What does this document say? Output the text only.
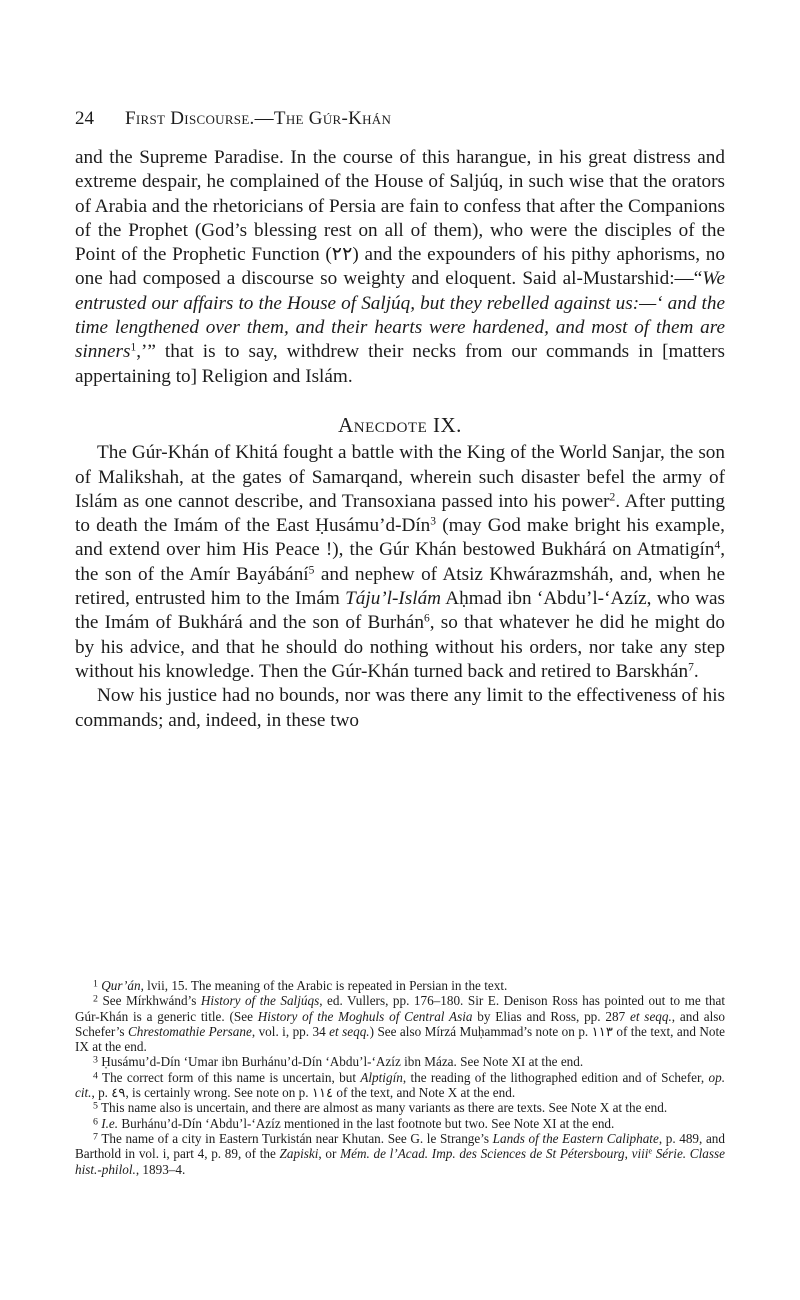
24 First Discourse.—The Gúr-Khán

and the Supreme Paradise. In the course of this harangue, in his great distress and extreme despair, he complained of the House of Saljúq, in such wise that the orators of Arabia and the rhetoricians of Persia are fain to confess that after the Companions of the Prophet (God’s blessing rest on all of them), who were the disciples of the Point of the Prophetic Function (٢٢) and the expounders of his pithy aphorisms, no one had composed a discourse so weighty and eloquent. Said al-Mustarshid:—“We entrusted our affairs to the House of Saljúq, but they rebelled against us:—‘ and the time lengthened over them, and their hearts were hardened, and most of them are sinners$^1$,’” that is to say, withdrew their necks from our commands in [matters appertaining to] Religion and Islám.

Anecdote IX.

The Gúr-Khán of Khitá fought a battle with the King of the World Sanjar, the son of Malikshah, at the gates of Samarqand, wherein such disaster befel the army of Islám as one cannot describe, and Transoxiana passed into his power$^2$. After putting to death the Imám of the East Ḥusámu’d-Dín$^3$ (may God make bright his example, and extend over him His Peace !), the Gúr Khán bestowed Bukhárá on Atmatigín$^4$, the son of the Amír Bayábání$^5$ and nephew of Atsiz Khwárazmsháh, and, when he retired, entrusted him to the Imám Táju’l-Islám Aḥmad ibn ‘Abdu’l-‘Azíz, who was the Imám of Bukhárá and the son of Burhán$^6$, so that whatever he did he might do by his advice, and that he should do nothing without his orders, nor take any step without his knowledge. Then the Gúr-Khán turned back and retired to Barskhán$^7$.

Now his justice had no bounds, nor was there any limit to the effectiveness of his commands; and, indeed, in these two

$^1$ Qur’án, lvii, 15. The meaning of the Arabic is repeated in Persian in the text.

$^2$ See Mírkhwánd’s History of the Saljúqs, ed. Vullers, pp. 176–180. Sir E. Denison Ross has pointed out to me that Gúr-Khán is a generic title. (See History of the Moghuls of Central Asia by Elias and Ross, pp. 287 et seqq., and also Schefer’s Chrestomathie Persane, vol. i, pp. 34 et seqq.) See also Mírzá Muḥammad’s note on p. ١١٣ of the text, and Note IX at the end.

$^3$ Ḥusámu’d-Dín ‘Umar ibn Burhánu’d-Dín ‘Abdu’l-‘Azíz ibn Máza. See Note XI at the end.

$^4$ The correct form of this name is uncertain, but Alptigín, the reading of the lithographed edition and of Schefer, op. cit., p. ٤٩, is certainly wrong. See note on p. ١١٤ of the text, and Note X at the end.

$^5$ This name also is uncertain, and there are almost as many variants as there are texts. See Note X at the end.

$^6$ I.e. Burhánu’d-Dín ‘Abdu’l-‘Azíz mentioned in the last footnote but two. See Note XI at the end.

$^7$ The name of a city in Eastern Turkistán near Khutan. See G. le Strange’s Lands of the Eastern Caliphate, p. 489, and Barthold in vol. i, part 4, p. 89, of the Zapiski, or Mém. de l’Acad. Imp. des Sciences de St Pétersbourg, viii$^e$ Série. Classe hist.-philol., 1893–4.
